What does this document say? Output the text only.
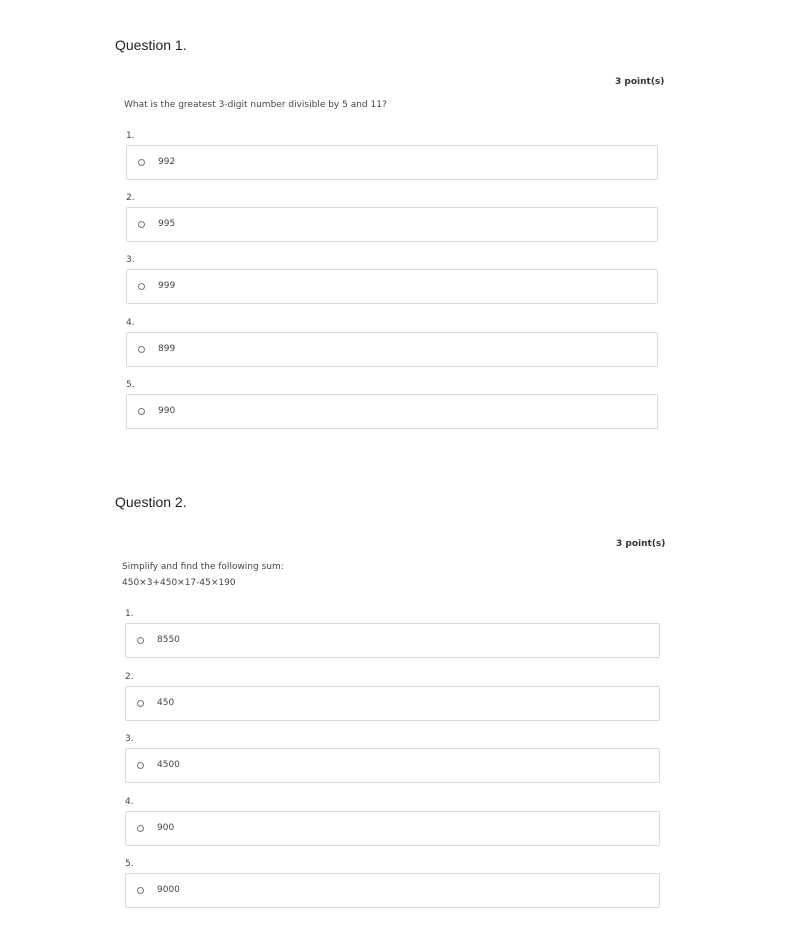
Question 1.
3 point(s)
What is the greatest 3-digit number divisible by 5 and 11?
1.
992
2.
995
3.
999
4.
899
5.
990
Question 2.
3 point(s)
Simplify and find the following sum:
450×3+450×17-45×190
1.
8550
2.
450
3.
4500
4.
900
5.
9000
